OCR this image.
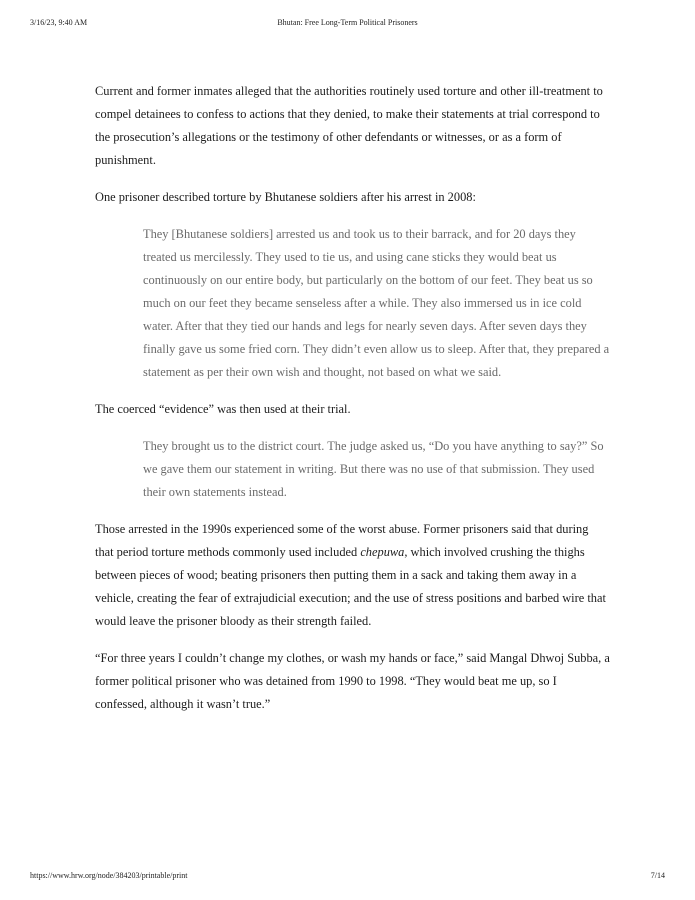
3/16/23, 9:40 AM	Bhutan: Free Long-Term Political Prisoners

Current and former inmates alleged that the authorities routinely used torture and other ill-treatment to compel detainees to confess to actions that they denied, to make their statements at trial correspond to the prosecution’s allegations or the testimony of other defendants or witnesses, or as a form of punishment.

One prisoner described torture by Bhutanese soldiers after his arrest in 2008:

They [Bhutanese soldiers] arrested us and took us to their barrack, and for 20 days they treated us mercilessly. They used to tie us, and using cane sticks they would beat us continuously on our entire body, but particularly on the bottom of our feet. They beat us so much on our feet they became senseless after a while. They also immersed us in ice cold water. After that they tied our hands and legs for nearly seven days. After seven days they finally gave us some fried corn. They didn’t even allow us to sleep. After that, they prepared a statement as per their own wish and thought, not based on what we said.

The coerced “evidence” was then used at their trial.

They brought us to the district court. The judge asked us, “Do you have anything to say?” So we gave them our statement in writing. But there was no use of that submission. They used their own statements instead.

Those arrested in the 1990s experienced some of the worst abuse. Former prisoners said that during that period torture methods commonly used included chepuwa, which involved crushing the thighs between pieces of wood; beating prisoners then putting them in a sack and taking them away in a vehicle, creating the fear of extrajudicial execution; and the use of stress positions and barbed wire that would leave the prisoner bloody as their strength failed.

“For three years I couldn’t change my clothes, or wash my hands or face,” said Mangal Dhwoj Subba, a former political prisoner who was detained from 1990 to 1998. “They would beat me up, so I confessed, although it wasn’t true.”

https://www.hrw.org/node/384203/printable/print	7/14
